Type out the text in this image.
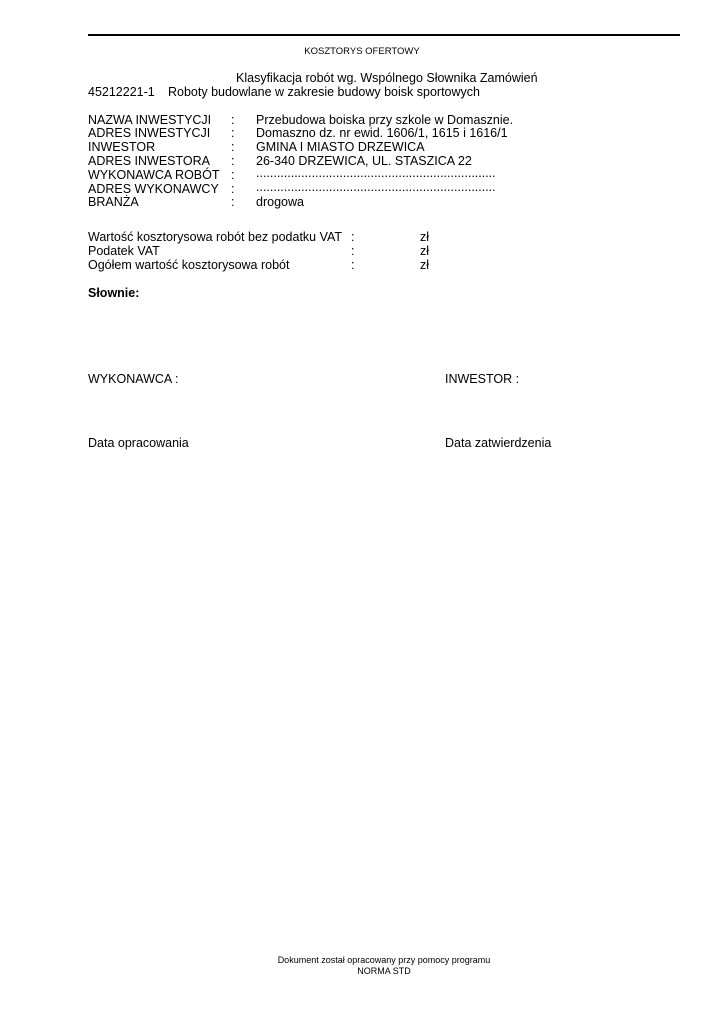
KOSZTORYS OFERTOWY
Klasyfikacja robót wg. Wspólnego Słownika Zamówień
45212221-1 Roboty budowlane w zakresie budowy boisk sportowych
NAZWA INWESTYCJI : Przebudowa boiska przy szkole w Domasznie.
ADRES INWESTYCJI : Domaszno dz. nr ewid. 1606/1, 1615 i 1616/1
INWESTOR	: GMINA I MIASTO DRZEWICA
ADRES INWESTORA : 26-340 DRZEWICA, UL. STASZICA 22
WYKONAWCA ROBÓT : .....................................................................
ADRES WYKONAWCY : .....................................................................
BRANŻA	: drogowa
Wartość kosztorysowa robót bez podatku VAT :	zł
Podatek VAT	:	zł
Ogółem wartość kosztorysowa robót	:	zł
Słownie:
WYKONAWCA :	INWESTOR :
Data opracowania	Data zatwierdzenia
Dokument został opracowany przy pomocy programu
NORMA STD
